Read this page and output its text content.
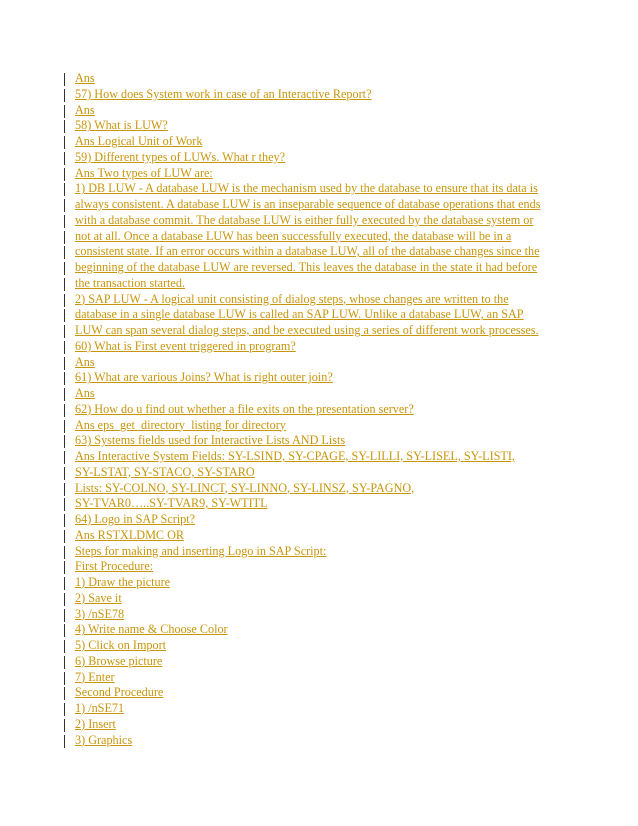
Ans
57) How does System work in case of an Interactive Report?
Ans
58) What is LUW?
Ans Logical Unit of Work
59) Different types of LUWs. What r they?
Ans Two types of LUW are:
1) DB LUW - A database LUW is the mechanism used by the database to ensure that its data is
always consistent. A database LUW is an inseparable sequence of database operations that ends
with a database commit. The database LUW is either fully executed by the database system or
not at all. Once a database LUW has been successfully executed, the database will be in a
consistent state. If an error occurs within a database LUW, all of the database changes since the
beginning of the database LUW are reversed. This leaves the database in the state it had before
the transaction started.
2) SAP LUW - A logical unit consisting of dialog steps, whose changes are written to the
database in a single database LUW is called an SAP LUW. Unlike a database LUW, an SAP
LUW can span several dialog steps, and be executed using a series of different work processes.
60) What is First event triggered in program?
Ans
61) What are various Joins? What is right outer join?
Ans
62) How do u find out whether a file exits on the presentation server?
Ans eps_get_directory_listing for directory
63) Systems fields used for Interactive Lists AND Lists
Ans Interactive System Fields: SY-LSIND, SY-CPAGE, SY-LILLI, SY-LISEL, SY-LISTI,
SY-LSTAT, SY-STACO, SY-STARO
Lists: SY-COLNO, SY-LINCT, SY-LINNO, SY-LINSZ, SY-PAGNO,
SY-TVAR0…..SY-TVAR9, SY-WTITL
64) Logo in SAP Script?
Ans RSTXLDMC OR
Steps for making and inserting Logo in SAP Script:
First Procedure:
1) Draw the picture
2) Save it
3) /nSE78
4) Write name & Choose Color
5) Click on Import
6) Browse picture
7) Enter
Second Procedure
1) /nSE71
2) Insert
3) Graphics
